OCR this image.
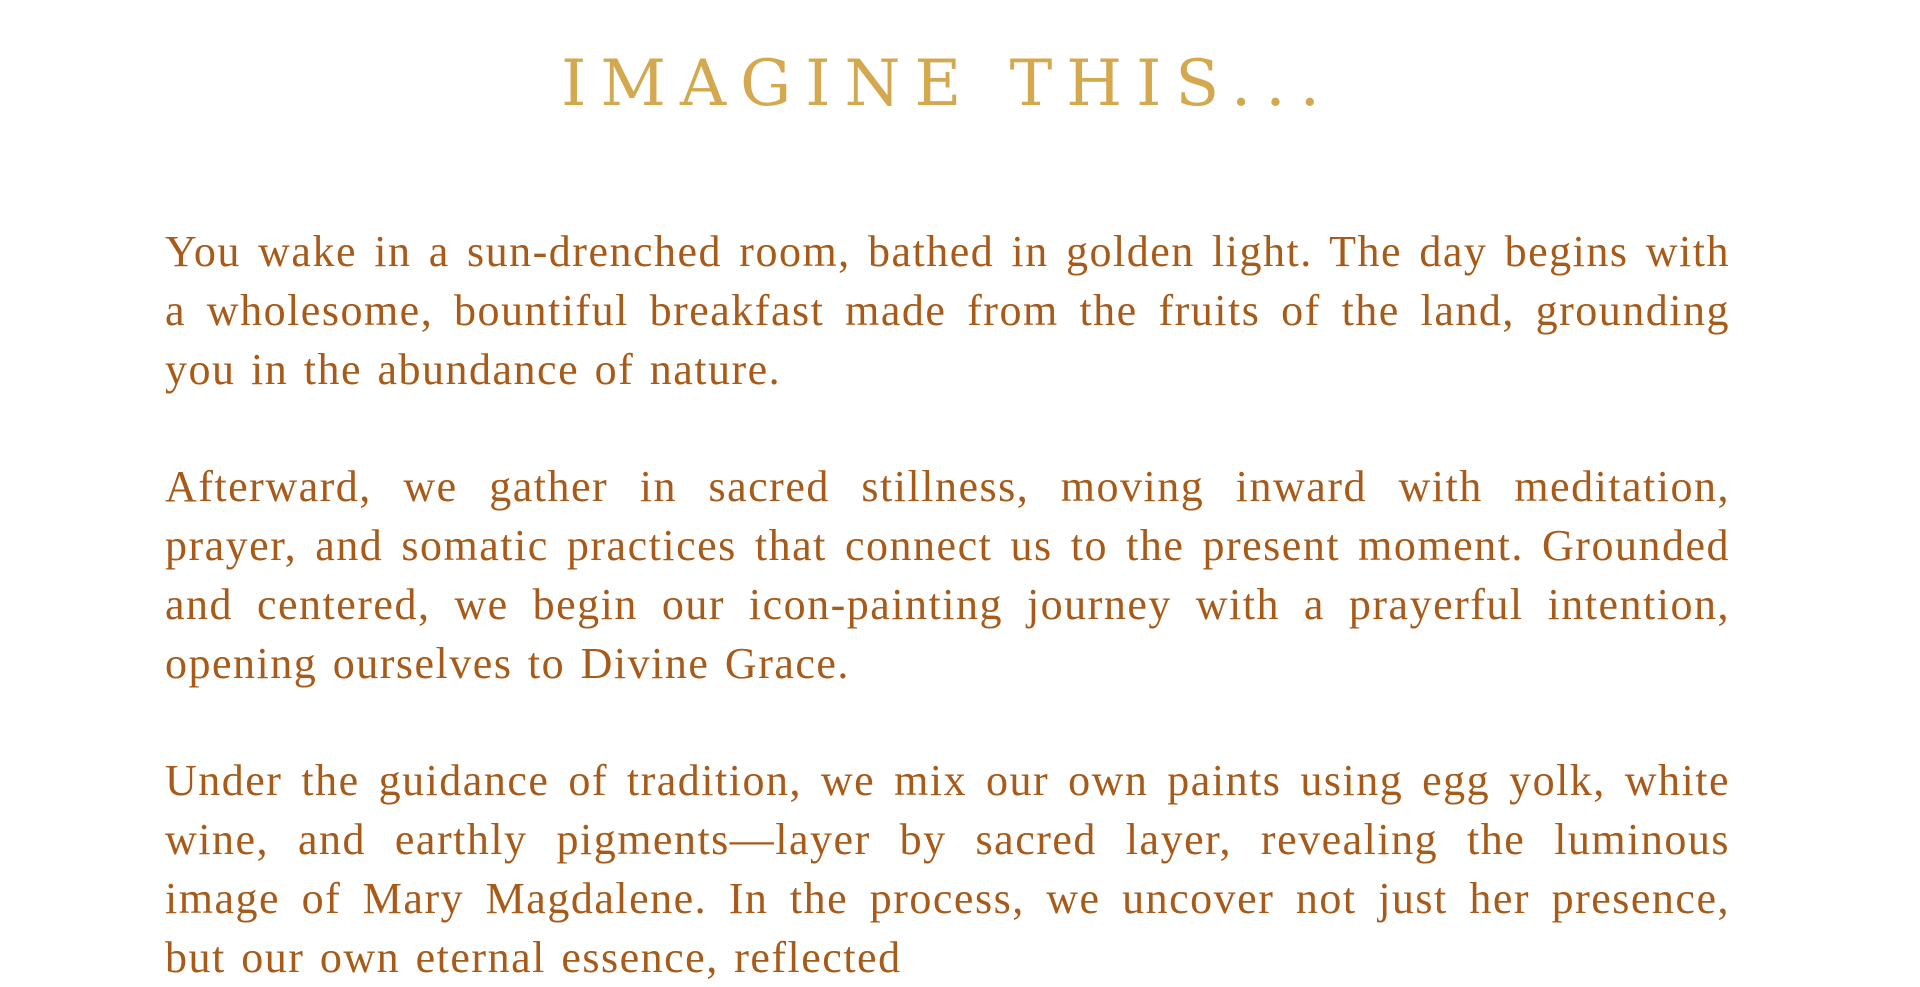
IMAGINE THIS...

You wake in a sun-drenched room, bathed in golden light. The day begins with a wholesome, bountiful breakfast made from the fruits of the land, grounding you in the abundance of nature.

Afterward, we gather in sacred stillness, moving inward with meditation, prayer, and somatic practices that connect us to the present moment. Grounded and centered, we begin our icon-painting journey with a prayerful intention, opening ourselves to Divine Grace.

Under the guidance of tradition, we mix our own paints using egg yolk, white wine, and earthly pigments—layer by sacred layer, revealing the luminous image of Mary Magdalene. In the process, we uncover not just her presence, but our own eternal essence, reflected
